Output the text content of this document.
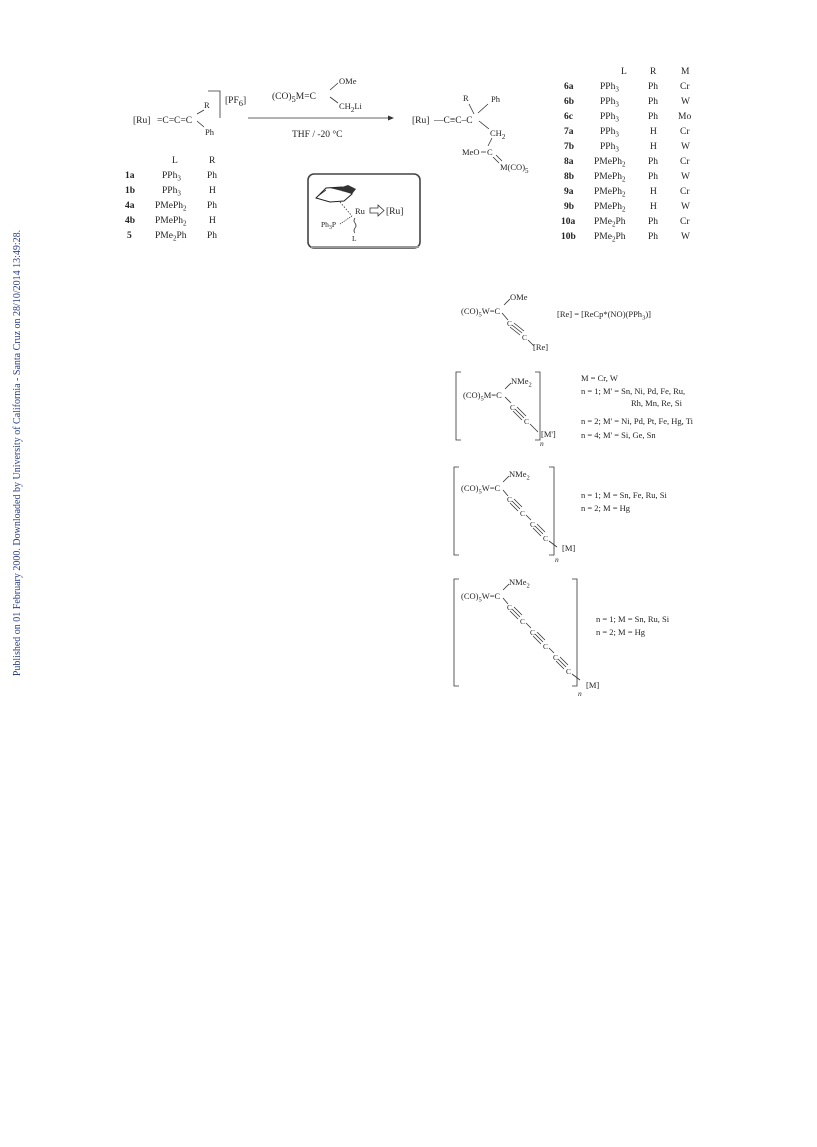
Published on 01 February 2000. Downloaded by University of California - Santa Cruz on 28/10/2014 13:49:28.
[Ru] =C=C=C
R
Ph
[PF6]	(CO)5M=C
OMe
$CH_2Li$
THF / -20 °C
[Ru] —C≡C–C
R	Ph
$CH_2$
MeO C
$M(CO)_5$
L	R
1a	PPh$_3$	Ph
1b	PPh$_3$	H
4a PMePh$_2$ Ph
4b PMePh$_2$ H
5 PMe$_2$Ph Ph
Ru [Ru]
$Ph_3P$
L
L R	M
6a	PPh$_3$	Ph Cr
6b	PPh$_3$	Ph W
6c	PPh$_3$	Ph Mo
7a	PPh$_3$	H Cr
7b	PPh$_3$	H	W
8a PMePh$_2$ Ph Cr
8b PMePh$_2$ Ph W
9a PMePh$_2$	H Cr
9b PMePh$_2$	H	W
10a PMe$_2$Ph Ph Cr
10b PMe$_2$Ph Ph W
$(CO)_5W=C$
OMe
C
C
[Re]
[Re] = [ReCp*(NO)(PPh$_3$)]
$(CO)_5M=C$
NMe$_2$
C
C
[M']
n
M = Cr, W
n = 1; M' = Sn, Ni, Pd, Fe, Ru,
Rh, Mn, Re, Si
n = 2; M' = Ni, Pd, Pt, Fe, Hg, Ti
n = 4; M' = Si, Ge, Sn
$(CO)_5W=C$
NMe$_2$
C
C
C
C
[M]
n
n = 1; M = Sn, Fe, Ru, Si
n = 2; M = Hg
$(CO)_5W=C$
NMe$_2$
C
C
C
C
C
C
[M]
n
n = 1; M = Sn, Ru, Si
n = 2; M = Hg
